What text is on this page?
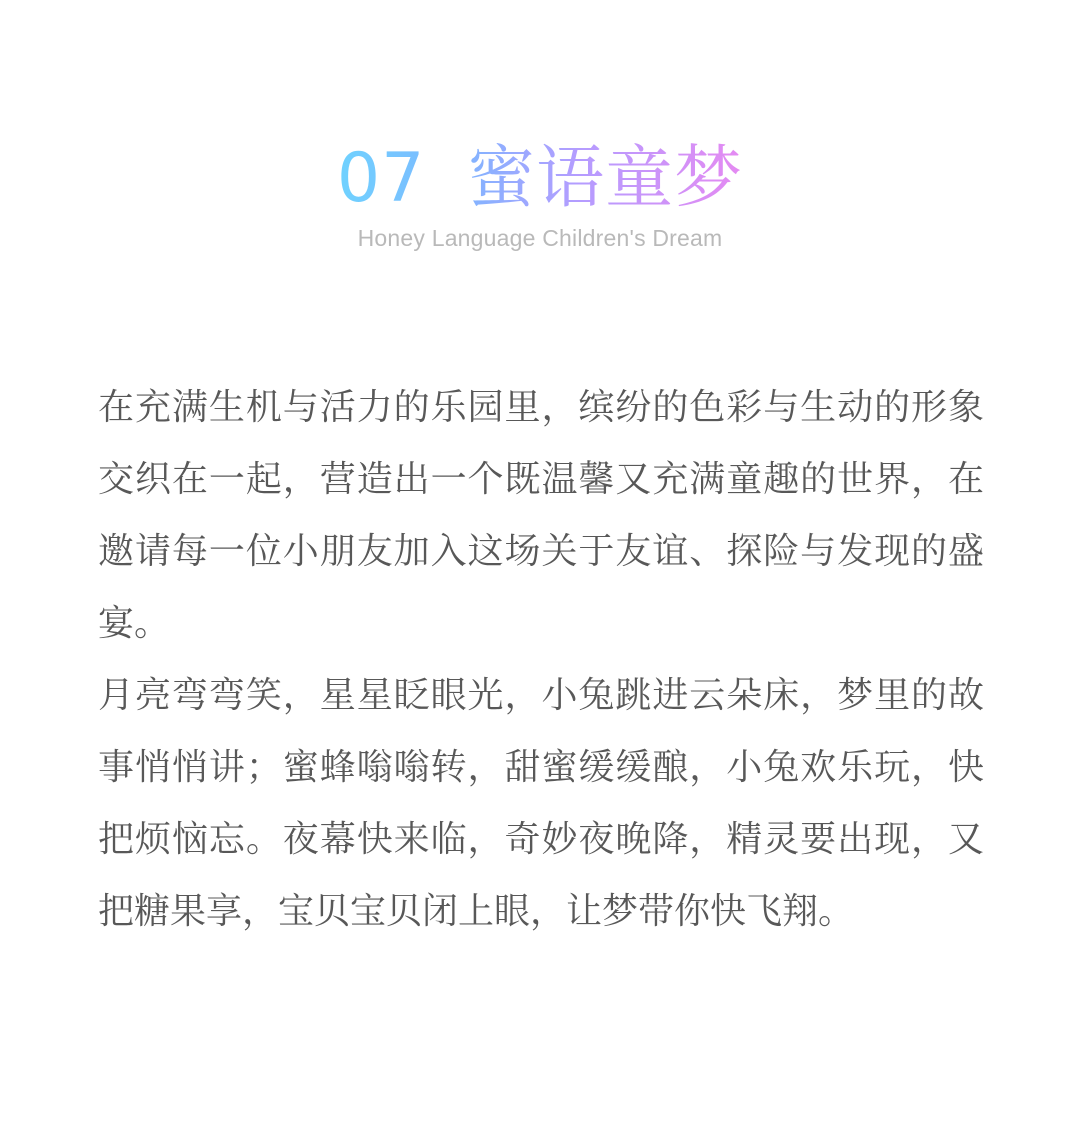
07 · 蜜语童梦
Honey Language Children's Dream

在充满生机与活力的乐园里，缤纷的色彩与生动的形象交织在一起，营造出一个既温馨又充满童趣的世界，在邀请每一位小朋友加入这场关于友谊、探险与发现的盛宴。

月亮弯弯笑，星星眨眼光，小兔跳进云朵床，梦里的故事悄悄讲；蜜蜂嗡嗡转，甜蜜缓缓酿，小兔欢乐玩，快把烦恼忘。夜幕快来临，奇妙夜晚降，精灵要出现，又把糖果享，宝贝宝贝闭上眼，让梦带你快飞翔。
